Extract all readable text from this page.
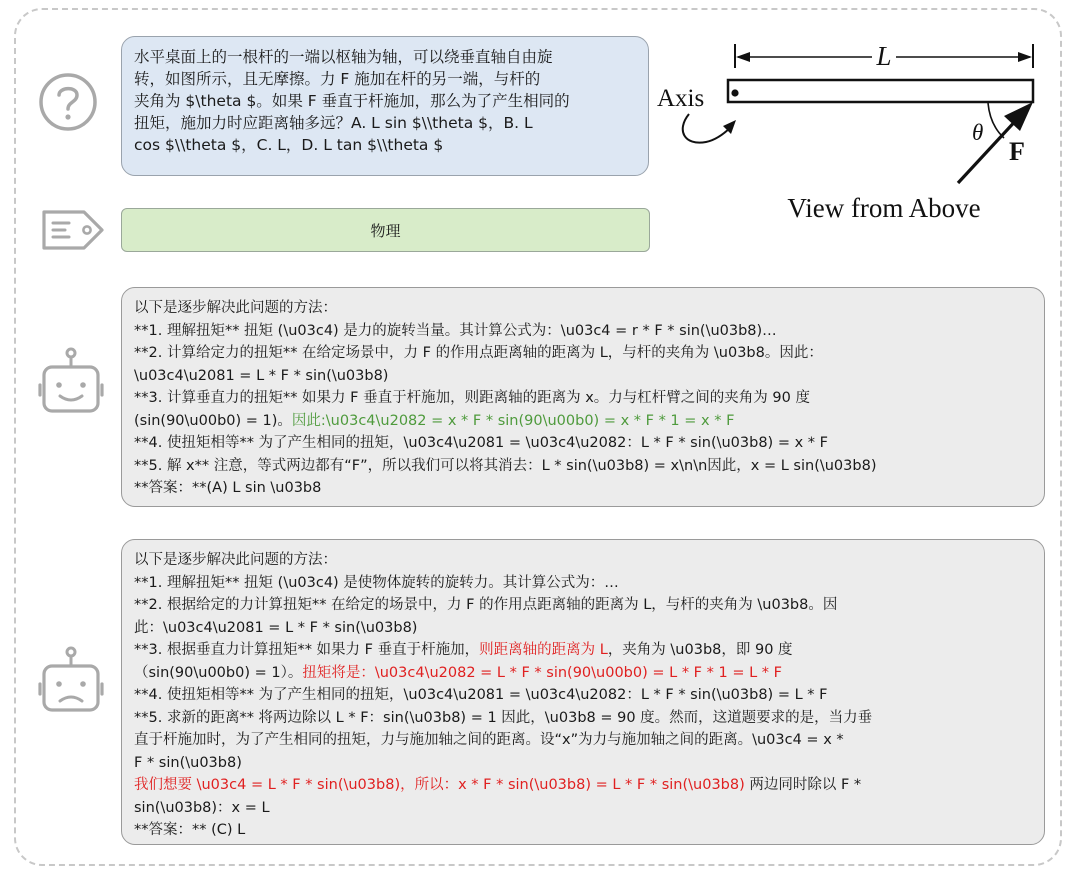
水平桌面上的一根杆的一端以枢轴为轴，可以绕垂直轴自由旋
转，如图所示，且无摩擦。力 F 施加在杆的另一端，与杆的
夹角为 $\theta $。如果 F 垂直于杆施加，那么为了产生相同的
扭矩，施加力时应距离轴多远？A. L sin $\\theta $，B. L
cos $\\theta $，C. L，D. L tan $\\theta $
L
Axis
θ
F
View from Above
物理
以下是逐步解决此问题的方法：
**1. 理解扭矩** 扭矩 (\u03c4) 是力的旋转当量。其计算公式为：\u03c4 = r * F * sin(\u03b8)…
**2. 计算给定力的扭矩** 在给定场景中，力 F 的作用点距离轴的距离为 L，与杆的夹角为 \u03b8。因此：
\u03c4\u2081 = L * F * sin(\u03b8)
**3. 计算垂直力的扭矩** 如果力 F 垂直于杆施加，则距离轴的距离为 x。力与杠杆臂之间的夹角为 90 度
(sin(90\u00b0) = 1)。因此:\u03c4\u2082 = x * F * sin(90\u00b0) = x * F * 1 = x * F
**4. 使扭矩相等** 为了产生相同的扭矩，\u03c4\u2081 = \u03c4\u2082：L * F * sin(\u03b8) = x * F
**5. 解 x** 注意，等式两边都有“F”，所以我们可以将其消去：L * sin(\u03b8) = x\n\n因此，x = L sin(\u03b8)
**答案：**(A) L sin \u03b8
以下是逐步解决此问题的方法：
**1. 理解扭矩** 扭矩 (\u03c4) 是使物体旋转的旋转力。其计算公式为：…
**2. 根据给定的力计算扭矩** 在给定的场景中，力 F 的作用点距离轴的距离为 L，与杆的夹角为 \u03b8。因
此：\u03c4\u2081 = L * F * sin(\u03b8)
**3. 根据垂直力计算扭矩** 如果力 F 垂直于杆施加，则距离轴的距离为 L，夹角为 \u03b8，即 90 度
（sin(90\u00b0) = 1）。扭矩将是：\u03c4\u2082 = L * F * sin(90\u00b0) = L * F * 1 = L * F
**4. 使扭矩相等** 为了产生相同的扭矩，\u03c4\u2081 = \u03c4\u2082：L * F * sin(\u03b8) = L * F
**5. 求新的距离** 将两边除以 L * F：sin(\u03b8) = 1 因此，\u03b8 = 90 度。然而，这道题要求的是，当力垂
直于杆施加时，为了产生相同的扭矩，力与施加轴之间的距离。设“x”为力与施加轴之间的距离。\u03c4 = x *
F * sin(\u03b8)
我们想要 \u03c4 = L * F * sin(\u03b8)，所以：x * F * sin(\u03b8) = L * F * sin(\u03b8) 两边同时除以 F *
sin(\u03b8)：x = L
**答案：** (C) L
